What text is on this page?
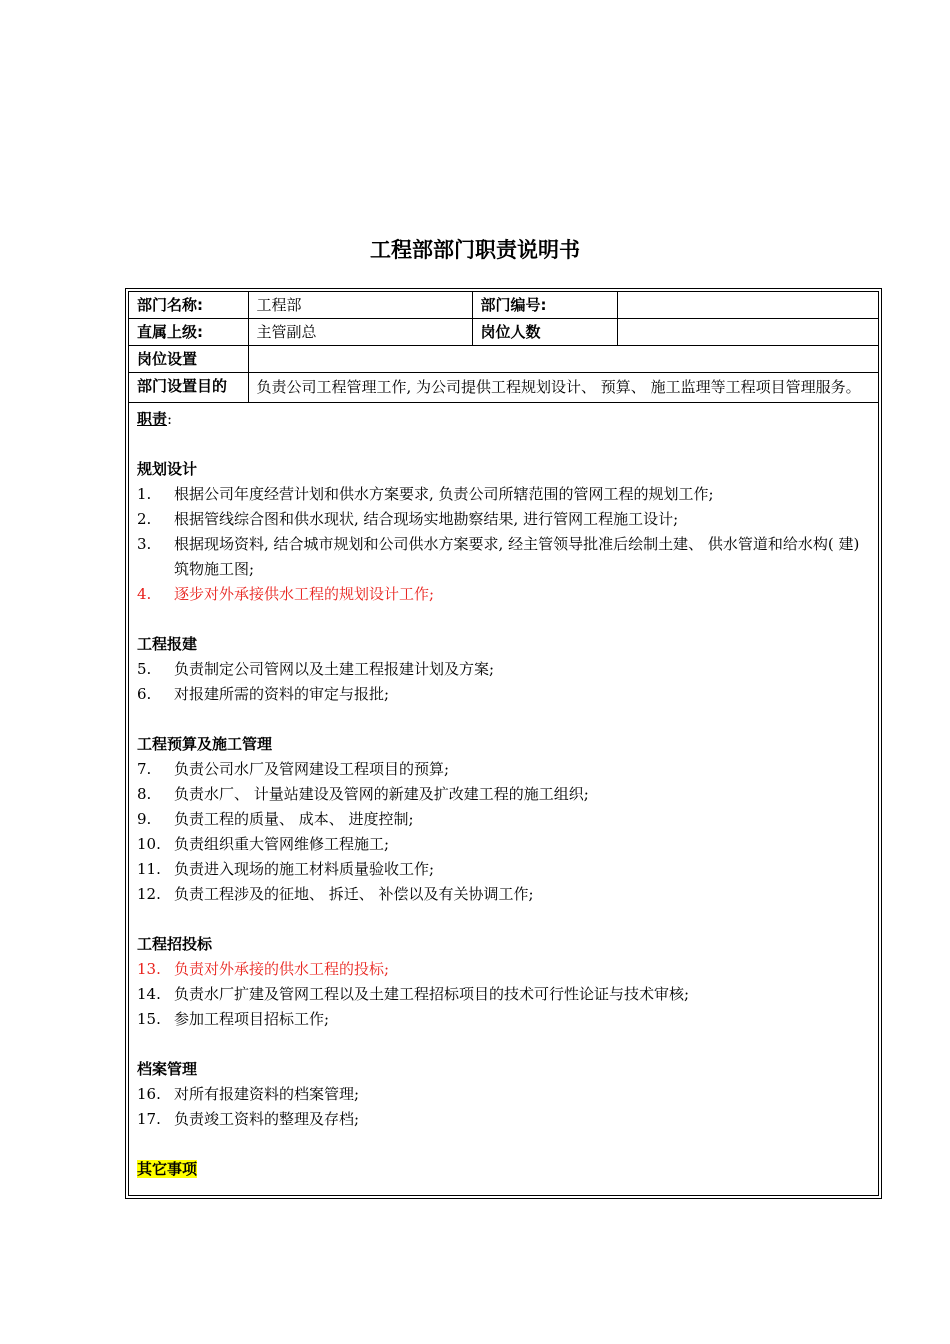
工程部部门职责说明书
部门名称:	工程部	部门编号:	
直属上级:	主管副总	岗位人数	
岗位设置			
部门设置目的	负责公司工程管理工作, 为公司提供工程规划设计、 预算、 施工监理等工程项目管理服务。		
职责:
规划设计
1.	根据公司年度经营计划和供水方案要求, 负责公司所辖范围的管网工程的规划工作;
2.	根据管线综合图和供水现状, 结合现场实地勘察结果, 进行管网工程施工设计;
3.	根据现场资料, 结合城市规划和公司供水方案要求, 经主管领导批准后绘制土建、 供水管道和给水构( 建) 筑物施工图;
4.	逐步对外承接供水工程的规划设计工作;
工程报建
5.	负责制定公司管网以及土建工程报建计划及方案;
6.	对报建所需的资料的审定与报批;
工程预算及施工管理
7.	负责公司水厂及管网建设工程项目的预算;
8.	负责水厂、 计量站建设及管网的新建及扩改建工程的施工组织;
9.	负责工程的质量、 成本、 进度控制;
10. 负责组织重大管网维修工程施工;
11. 负责进入现场的施工材料质量验收工作;
12. 负责工程涉及的征地、 拆迁、 补偿以及有关协调工作;
工程招投标
13. 负责对外承接的供水工程的投标;
14. 负责水厂扩建及管网工程以及土建工程招标项目的技术可行性论证与技术审核;
15. 参加工程项目招标工作;
档案管理
16. 对所有报建资料的档案管理;
17. 负责竣工资料的整理及存档;
其它事项
